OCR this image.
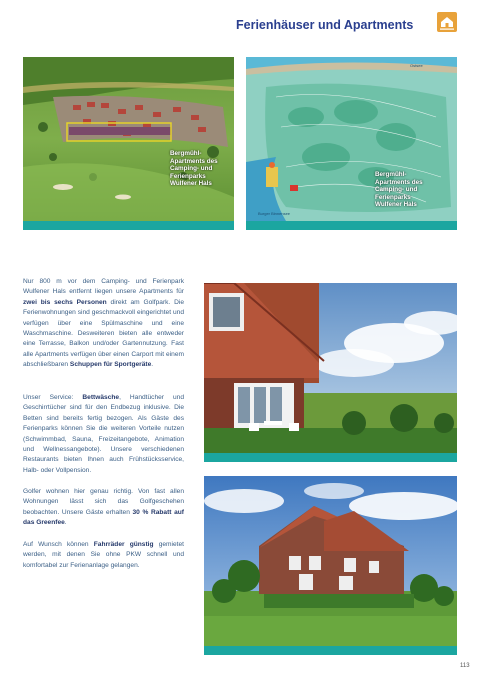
Ferienhäuser und Apartments
Bergmühl-
Apartments des
Camping- und
Ferienparks
Wulfener Hals
Ostsee
Burger Binnensee
Bergmühl-
Apartments des
Camping- und
Ferienparks
Wulfener Hals
Nur 800 m vor dem Camping- und Ferienpark Wulfener Hals entfernt liegen unsere Apartments für zwei bis sechs Personen direkt am Golfpark. Die Ferienwohnungen sind geschmackvoll eingerichtet und verfügen über eine Spülmaschine und eine Waschmaschine. Desweiteren bieten alle entweder eine Terrasse, Balkon und/oder Gartennutzung. Fast alle Apartments verfügen über einen Carport mit einem abschließbaren Schuppen für Sportgeräte.
Unser Service: Bettwäsche, Handtücher und Geschirrtücher sind für den Endbezug inklusive. Die Betten sind bereits fertig bezogen. Als Gäste des Ferienparks können Sie die weiteren Vorteile nutzen (Schwimmbad, Sauna, Freizeitangebote, Animation und Wellnessangebote). Unsere verschiedenen Restaurants bieten Ihnen auch Frühstücksservice, Halb- oder Vollpension.
Golfer wohnen hier genau richtig. Von fast allen Wohnungen lässt sich das Golfgeschehen beobachten. Unsere Gäste erhalten 30 % Rabatt auf das Greenfee.
Auf Wunsch können Fahrräder günstig gemietet werden, mit denen Sie ohne PKW schnell und komfortabel zur Ferienanlage gelangen.
113
